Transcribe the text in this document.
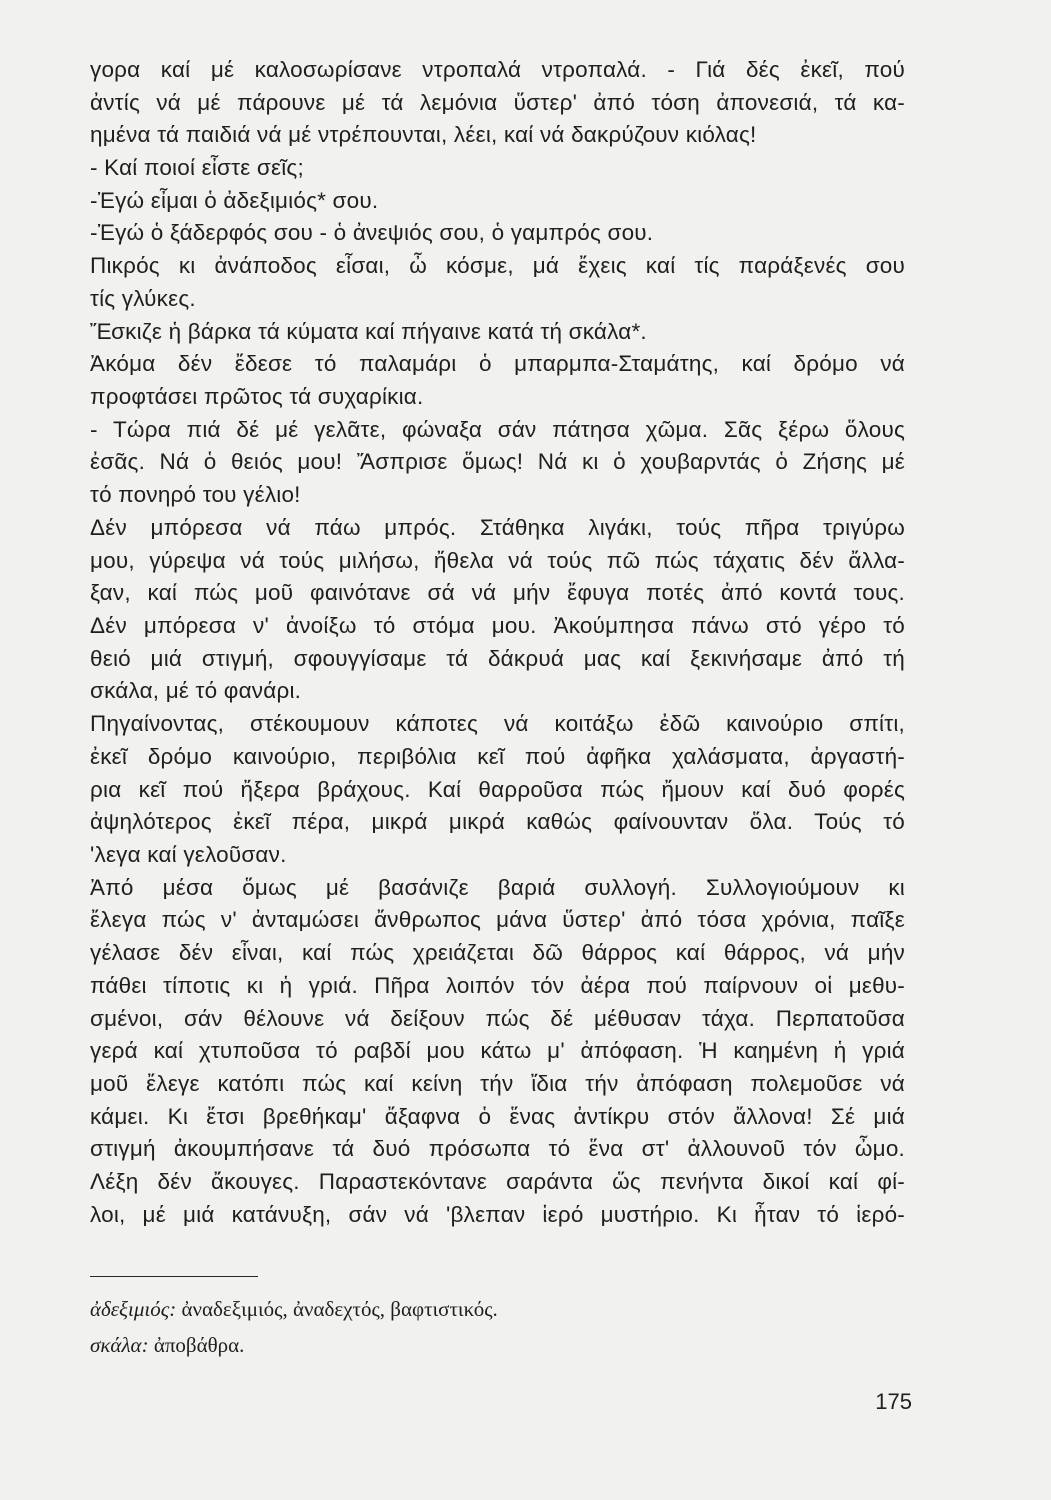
γορα καί μέ καλοσωρίσανε ντροπαλά ντροπαλά. - Γιά δές ἐκεῖ, πού
ἀντίς νά μέ πάρουνε μέ τά λεμόνια ὕστερ' ἀπό τόση ἀπονεσιά, τά κα-
ημένα τά παιδιά νά μέ ντρέπουνται, λέει, καί νά δακρύζουν κιόλας!
- Καί ποιοί εἶστε σεῖς;
-Ἐγώ εἶμαι ὁ ἀδεξιμιός* σου.
-Ἐγώ ὁ ξάδερφός σου - ὁ ἀνεψιός σου, ὁ γαμπρός σου.
Πικρός κι ἀνάποδος εἶσαι, ὦ κόσμε, μά ἔχεις καί τίς παράξενές σου
τίς γλύκες.
Ἔσκιζε ἡ βάρκα τά κύματα καί πήγαινε κατά τή σκάλα*.
Ἀκόμα δέν ἔδεσε τό παλαμάρι ὁ μπαρμπα-Σταμάτης, καί δρόμο νά
προφτάσει πρῶτος τά συχαρίκια.
- Τώρα πιά δέ μέ γελᾶτε, φώναξα σάν πάτησα χῶμα. Σᾶς ξέρω ὅλους
ἐσᾶς. Νά ὁ θειός μου! Ἄσπρισε ὅμως! Νά κι ὁ χουβαρντάς ὁ Ζήσης μέ
τό πονηρό του γέλιο!
Δέν μπόρεσα νά πάω μπρός. Στάθηκα λιγάκι, τούς πῆρα τριγύρω
μου, γύρεψα νά τούς μιλήσω, ἤθελα νά τούς πῶ πώς τάχατις δέν ἄλλα-
ξαν, καί πώς μοῦ φαινότανε σά νά μήν ἔφυγα ποτές ἀπό κοντά τους.
Δέν μπόρεσα ν' ἀνοίξω τό στόμα μου. Ἀκούμπησα πάνω στό γέρο τό
θειό μιά στιγμή, σφουγγίσαμε τά δάκρυά μας καί ξεκινήσαμε ἀπό τή
σκάλα, μέ τό φανάρι.
Πηγαίνοντας, στέκουμουν κάποτες νά κοιτάξω ἐδῶ καινούριο σπίτι,
ἐκεῖ δρόμο καινούριο, περιβόλια κεῖ πού ἀφῆκα χαλάσματα, ἀργαστή-
ρια κεῖ πού ἤξερα βράχους. Καί θαρροῦσα πώς ἤμουν καί δυό φορές
ἀψηλότερος ἐκεῖ πέρα, μικρά μικρά καθώς φαίνουνταν ὅλα. Τούς τό
'λεγα καί γελοῦσαν.
Ἀπό μέσα ὅμως μέ βασάνιζε βαριά συλλογή. Συλλογιούμουν κι
ἔλεγα πώς ν' ἀνταμώσει ἄνθρωπος μάνα ὕστερ' ἀπό τόσα χρόνια, παῖξε
γέλασε δέν εἶναι, καί πώς χρειάζεται δῶ θάρρος καί θάρρος, νά μήν
πάθει τίποτις κι ἡ γριά. Πῆρα λοιπόν τόν ἀέρα πού παίρνουν οἱ μεθυ-
σμένοι, σάν θέλουνε νά δείξουν πώς δέ μέθυσαν τάχα. Περπατοῦσα
γερά καί χτυποῦσα τό ραβδί μου κάτω μ' ἀπόφαση. Ἡ καημένη ἡ γριά
μοῦ ἔλεγε κατόπι πώς καί κείνη τήν ἴδια τήν ἀπόφαση πολεμοῦσε νά
κάμει. Κι ἔτσι βρεθήκαμ' ἄξαφνα ὁ ἕνας ἀντίκρυ στόν ἄλλονα! Σέ μιά
στιγμή ἀκουμπήσανε τά δυό πρόσωπα τό ἕνα στ' ἀλλουνοῦ τόν ὦμο.
Λέξη δέν ἄκουγες. Παραστεκόντανε σαράντα ὥς πενήντα δικοί καί φί-
λοι, μέ μιά κατάνυξη, σάν νά 'βλεπαν ἱερό μυστήριο. Κι ἦταν τό ἱερό-
ἀδεξιμιός: ἀναδεξιμιός, ἀναδεχτός, βαφτιστικός.
σκάλα: ἀποβάθρα.
175
